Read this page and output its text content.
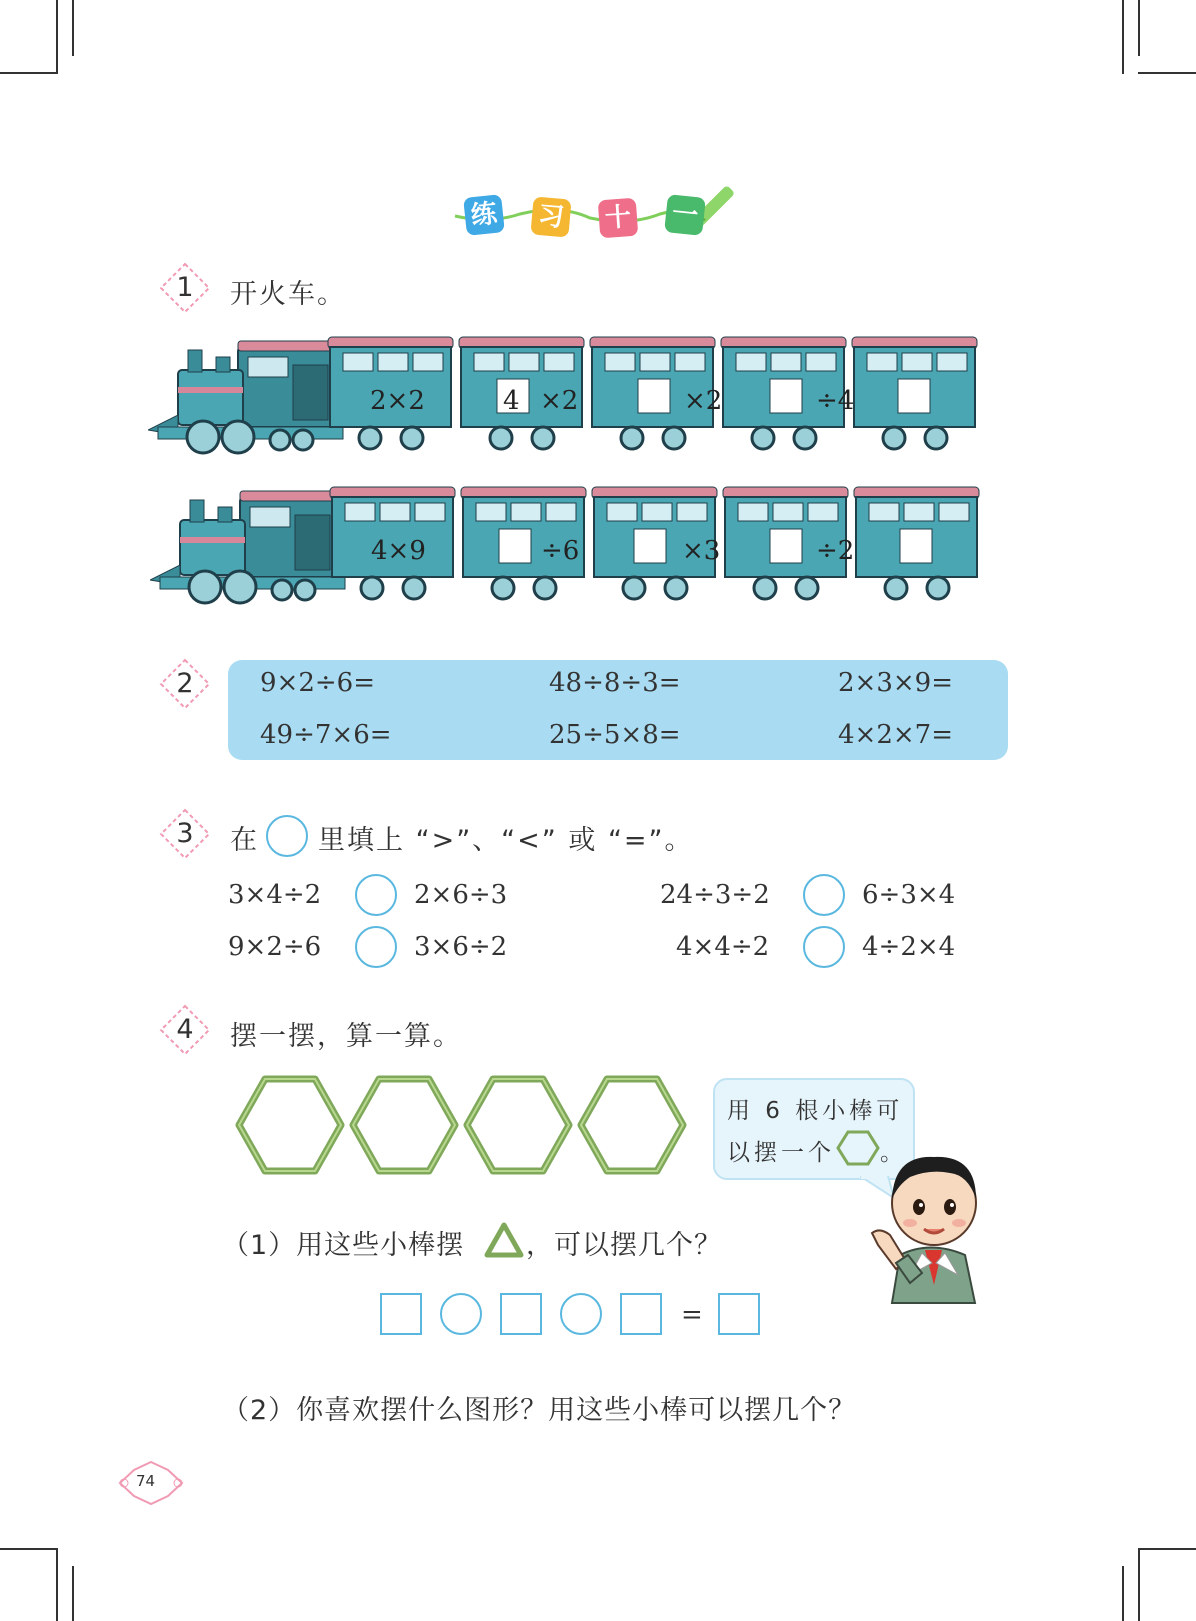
练 习 十 一
1	开火车。
2×2	4 ×2	×2	÷4
4×9	÷6	×3	÷2
2	9×2÷6=	48÷8÷3=	2×3×9=
49÷7×6=	25÷5×8=	4×2×7=
3	在 里填上 “>”、“<” 或 “=”。
3×4÷2	2×6÷3	24÷3÷2	6÷3×4
9×2÷6	3×6÷2	4×4÷2	4÷2×4
4	摆一摆，算一算。
用 6 根小棒可
以摆一个 。
（1）用这些小棒摆 ，可以摆几个？
=
（2）你喜欢摆什么图形？用这些小棒可以摆几个？
74
